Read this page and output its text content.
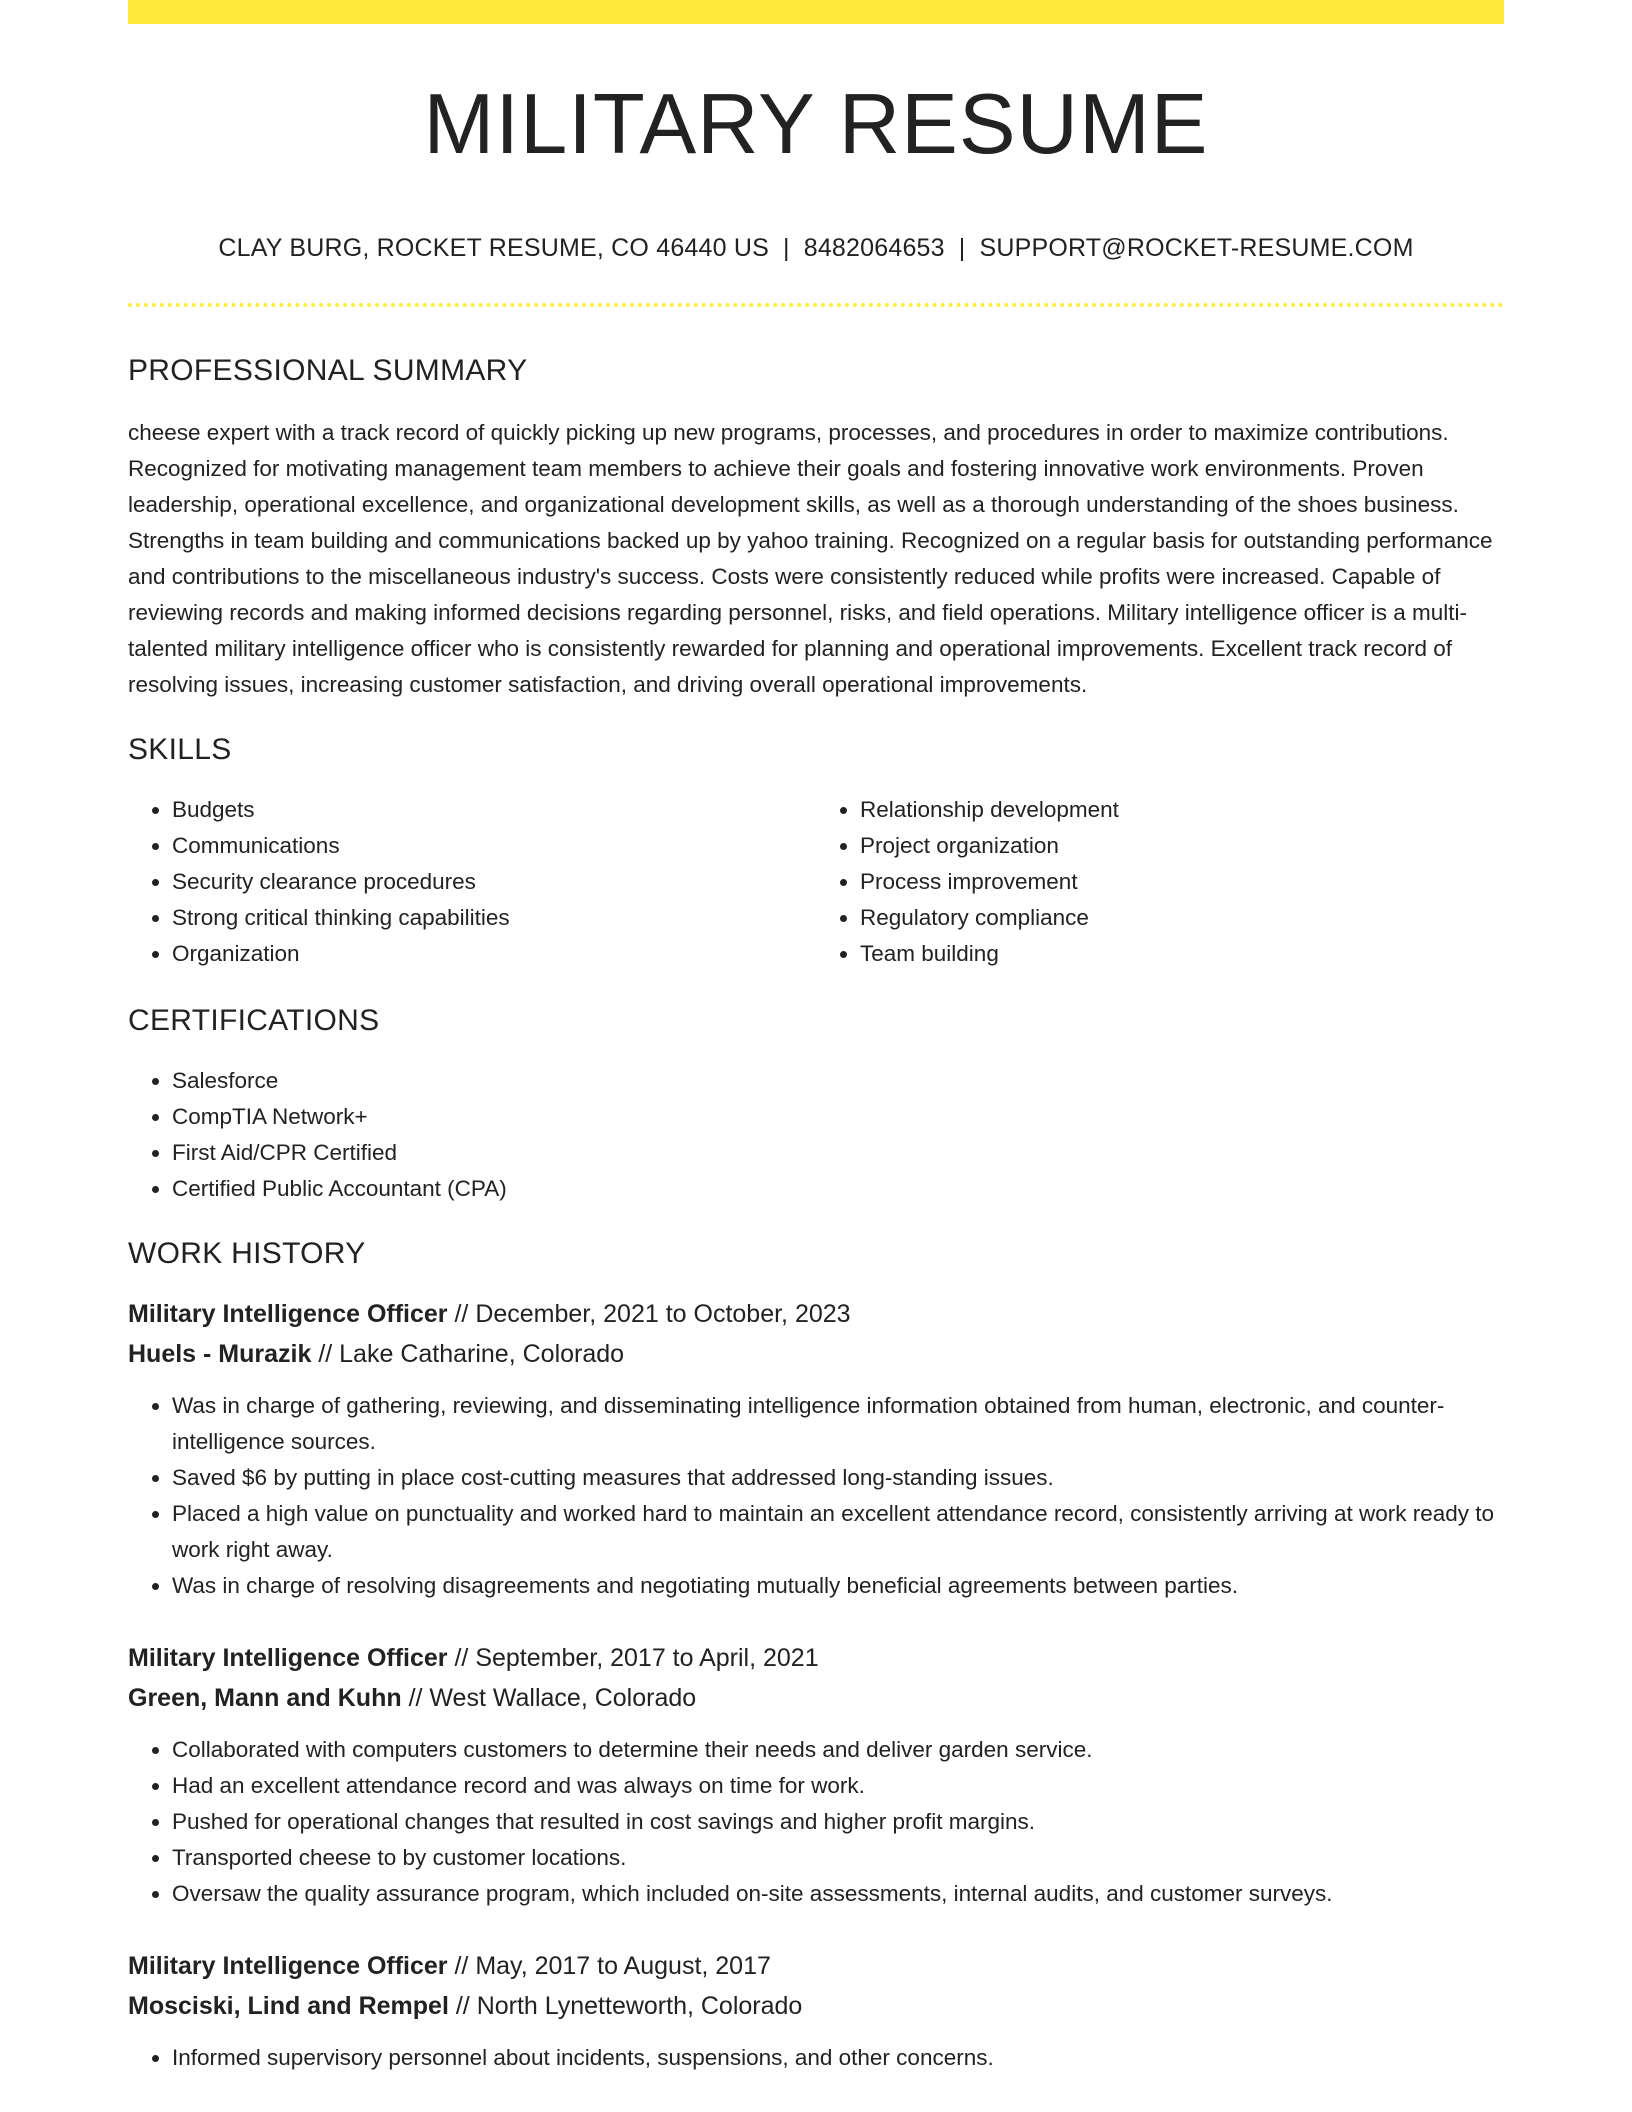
MILITARY RESUME
CLAY BURG, ROCKET RESUME, CO 46440 US | 8482064653 | SUPPORT@ROCKET-RESUME.COM
PROFESSIONAL SUMMARY
cheese expert with a track record of quickly picking up new programs, processes, and procedures in order to maximize contributions. Recognized for motivating management team members to achieve their goals and fostering innovative work environments. Proven leadership, operational excellence, and organizational development skills, as well as a thorough understanding of the shoes business. Strengths in team building and communications backed up by yahoo training. Recognized on a regular basis for outstanding performance and contributions to the miscellaneous industry's success. Costs were consistently reduced while profits were increased. Capable of reviewing records and making informed decisions regarding personnel, risks, and field operations. Military intelligence officer is a multi-talented military intelligence officer who is consistently rewarded for planning and operational improvements. Excellent track record of resolving issues, increasing customer satisfaction, and driving overall operational improvements.
SKILLS
• Budgets
• Communications
• Security clearance procedures
• Strong critical thinking capabilities
• Organization
• Relationship development
• Project organization
• Process improvement
• Regulatory compliance
• Team building
CERTIFICATIONS
• Salesforce
• CompTIA Network+
• First Aid/CPR Certified
• Certified Public Accountant (CPA)
WORK HISTORY
Military Intelligence Officer // December, 2021 to October, 2023
Huels - Murazik // Lake Catharine, Colorado
• Was in charge of gathering, reviewing, and disseminating intelligence information obtained from human, electronic, and counter-intelligence sources.
• Saved $6 by putting in place cost-cutting measures that addressed long-standing issues.
• Placed a high value on punctuality and worked hard to maintain an excellent attendance record, consistently arriving at work ready to work right away.
• Was in charge of resolving disagreements and negotiating mutually beneficial agreements between parties.
Military Intelligence Officer // September, 2017 to April, 2021
Green, Mann and Kuhn // West Wallace, Colorado
• Collaborated with computers customers to determine their needs and deliver garden service.
• Had an excellent attendance record and was always on time for work.
• Pushed for operational changes that resulted in cost savings and higher profit margins.
• Transported cheese to by customer locations.
• Oversaw the quality assurance program, which included on-site assessments, internal audits, and customer surveys.
Military Intelligence Officer // May, 2017 to August, 2017
Mosciski, Lind and Rempel // North Lynetteworth, Colorado
• Informed supervisory personnel about incidents, suspensions, and other concerns.
